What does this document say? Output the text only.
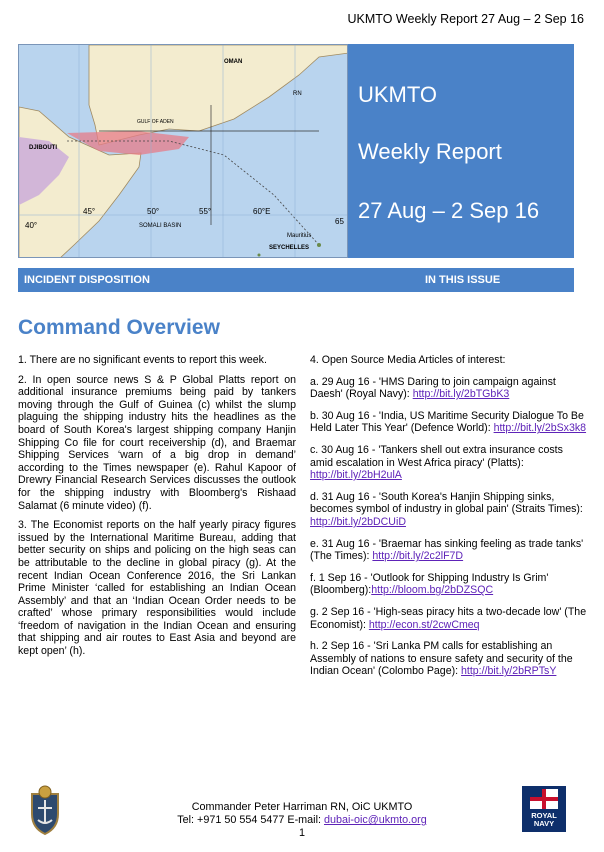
UKMTO Weekly Report 27 Aug – 2 Sep 16
OMAN
RN
DJIBOUTI
GULF OF ADEN
45°	50°	55°	60°E
40°	SOMALI BASIN
SEYCHELLES
Mauritius
65
UKMTO
Weekly Report
27 Aug – 2 Sep 16
INCIDENT DISPOSITION	IN THIS ISSUE
Command Overview

1. There are no significant events to report this week.

2. In open source news S & P Global Platts report on additional insurance premiums being paid by tankers moving through the Gulf of Guinea (c) whilst the slump plaguing the shipping industry hits the headlines as the board of South Korea's largest shipping company Hanjin Shipping Co file for court receivership (d), and Braemar Shipping Services ‘warn of a big drop in demand’ according to the Times newspaper (e). Rahul Kapoor of Drewry Financial Research Services discusses the outlook for the shipping industry with Bloomberg's Rishaad Salamat (6 minute video) (f).

3. The Economist reports on the half yearly piracy figures issued by the International Maritime Bureau, adding that better security on ships and policing on the high seas can be attributable to the decline in global piracy (g). At the recent Indian Ocean Conference 2016, the Sri Lankan Prime Minister ‘called for establishing an Indian Ocean Assembly’ and that an ‘Indian Ocean Order needs to be crafted’ whose primary responsibilities would include ‘freedom of navigation in the Indian Ocean and ensuring that shipping and air routes to East Asia and beyond are kept open’ (h).

4. Open Source Media Articles of interest:

a. 29 Aug 16 - 'HMS Daring to join campaign against Daesh' (Royal Navy): http://bit.ly/2bTGbK3

b. 30 Aug 16 - 'India, US Maritime Security Dialogue To Be Held Later This Year' (Defence World): http://bit.ly/2bSx3k8

c. 30 Aug 16 - 'Tankers shell out extra insurance costs amid escalation in West Africa piracy' (Platts): http://bit.ly/2bH2ulA

d. 31 Aug 16 - 'South Korea's Hanjin Shipping sinks, becomes symbol of industry in global pain' (Straits Times): http://bit.ly/2bDCUiD

e. 31 Aug 16 - 'Braemar has sinking feeling as trade tanks' (The Times): http://bit.ly/2c2lF7D

f. 1 Sep 16 - 'Outlook for Shipping Industry Is Grim' (Bloomberg):http://bloom.bg/2bDZSQC

g. 2 Sep 16 - 'High-seas piracy hits a two-decade low' (The Economist): http://econ.st/2cwCmeq

h. 2 Sep 16 - 'Sri Lanka PM calls for establishing an Assembly of nations to ensure safety and security of the Indian Ocean' (Colombo Page): http://bit.ly/2bRPTsY

Commander Peter Harriman RN, OiC UKMTO
Tel: +971 50 554 5477 E-mail: dubai-oic@ukmto.org
1
ROYAL
NAVY
